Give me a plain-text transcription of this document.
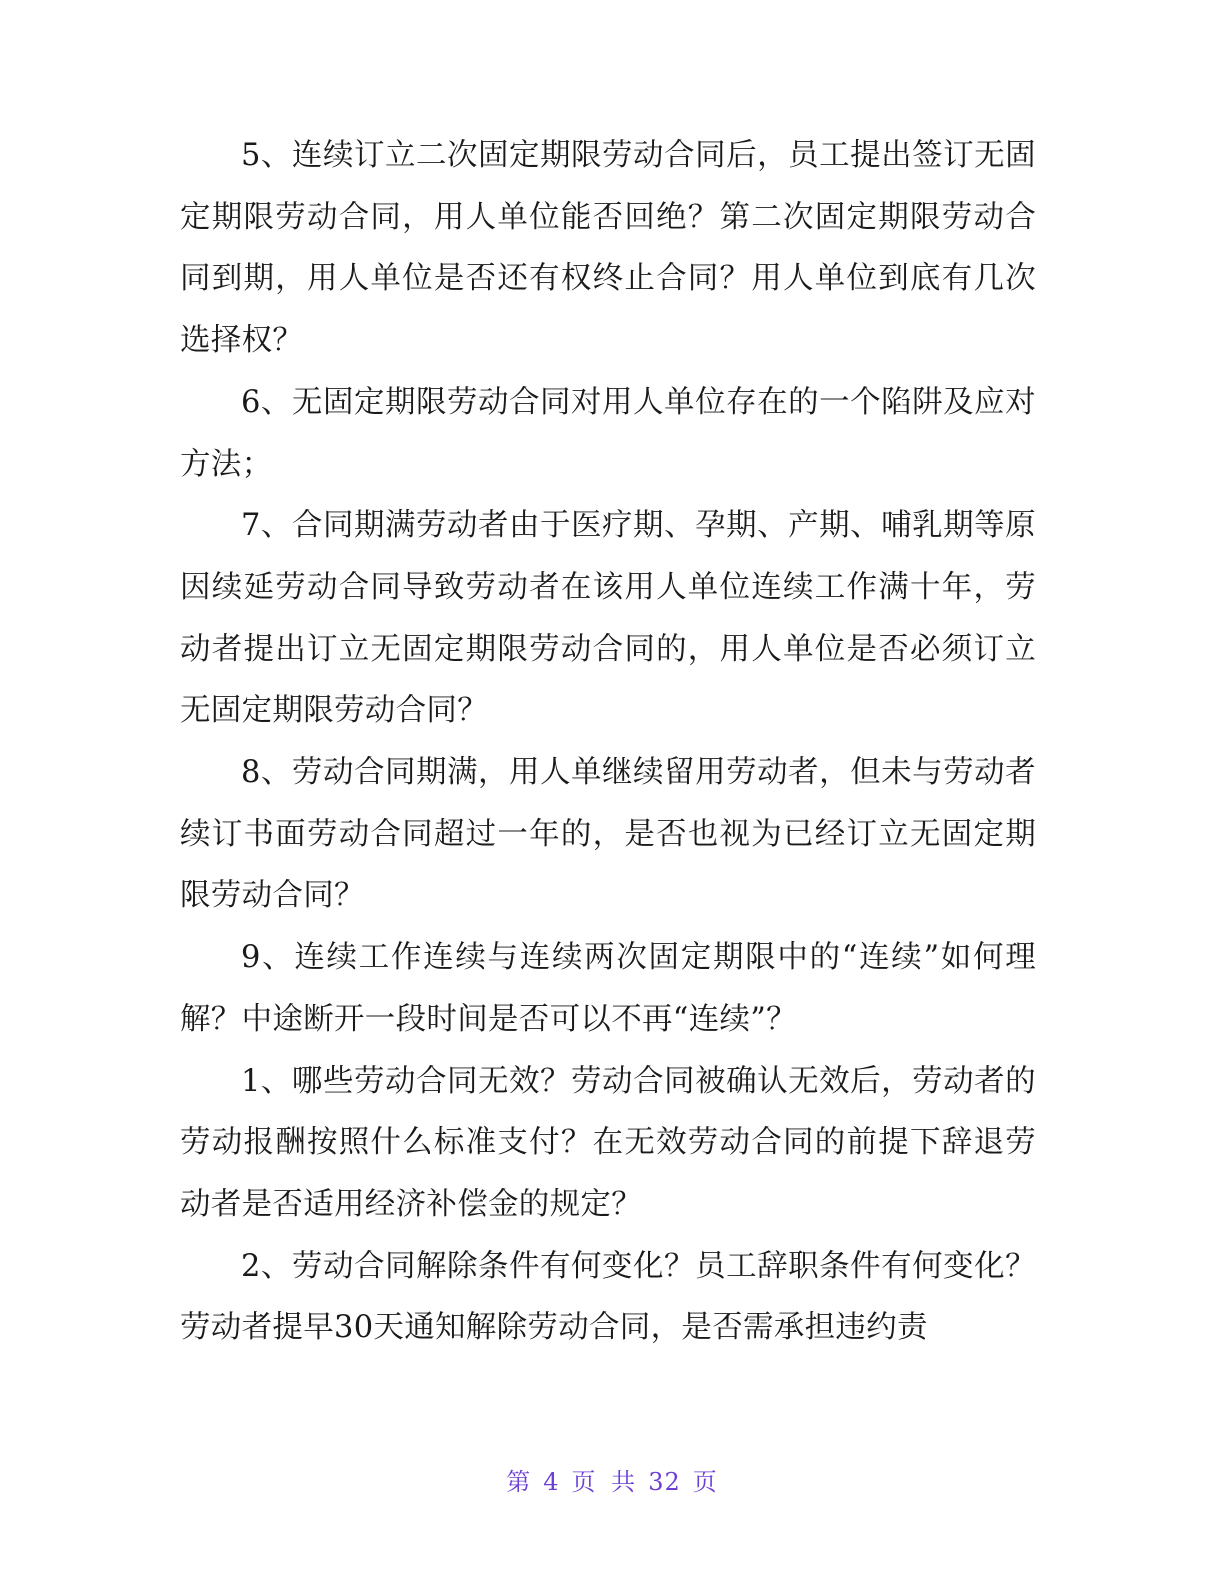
5、连续订立二次固定期限劳动合同后，员工提出签订无固定期限劳动合同，用人单位能否回绝？第二次固定期限劳动合同到期，用人单位是否还有权终止合同？用人单位到底有几次选择权？

6、无固定期限劳动合同对用人单位存在的一个陷阱及应对方法；

7、合同期满劳动者由于医疗期、孕期、产期、哺乳期等原因续延劳动合同导致劳动者在该用人单位连续工作满十年，劳动者提出订立无固定期限劳动合同的，用人单位是否必须订立无固定期限劳动合同？

8、劳动合同期满，用人单继续留用劳动者，但未与劳动者续订书面劳动合同超过一年的，是否也视为已经订立无固定期限劳动合同？

9、连续工作连续与连续两次固定期限中的“连续”如何理解？中途断开一段时间是否可以不再“连续”？

1、哪些劳动合同无效？劳动合同被确认无效后，劳动者的劳动报酬按照什么标准支付？在无效劳动合同的前提下辞退劳动者是否适用经济补偿金的规定？

2、劳动合同解除条件有何变化？员工辞职条件有何变化？劳动者提早30天通知解除劳动合同，是否需承担违约责

第 4 页 共 32 页
